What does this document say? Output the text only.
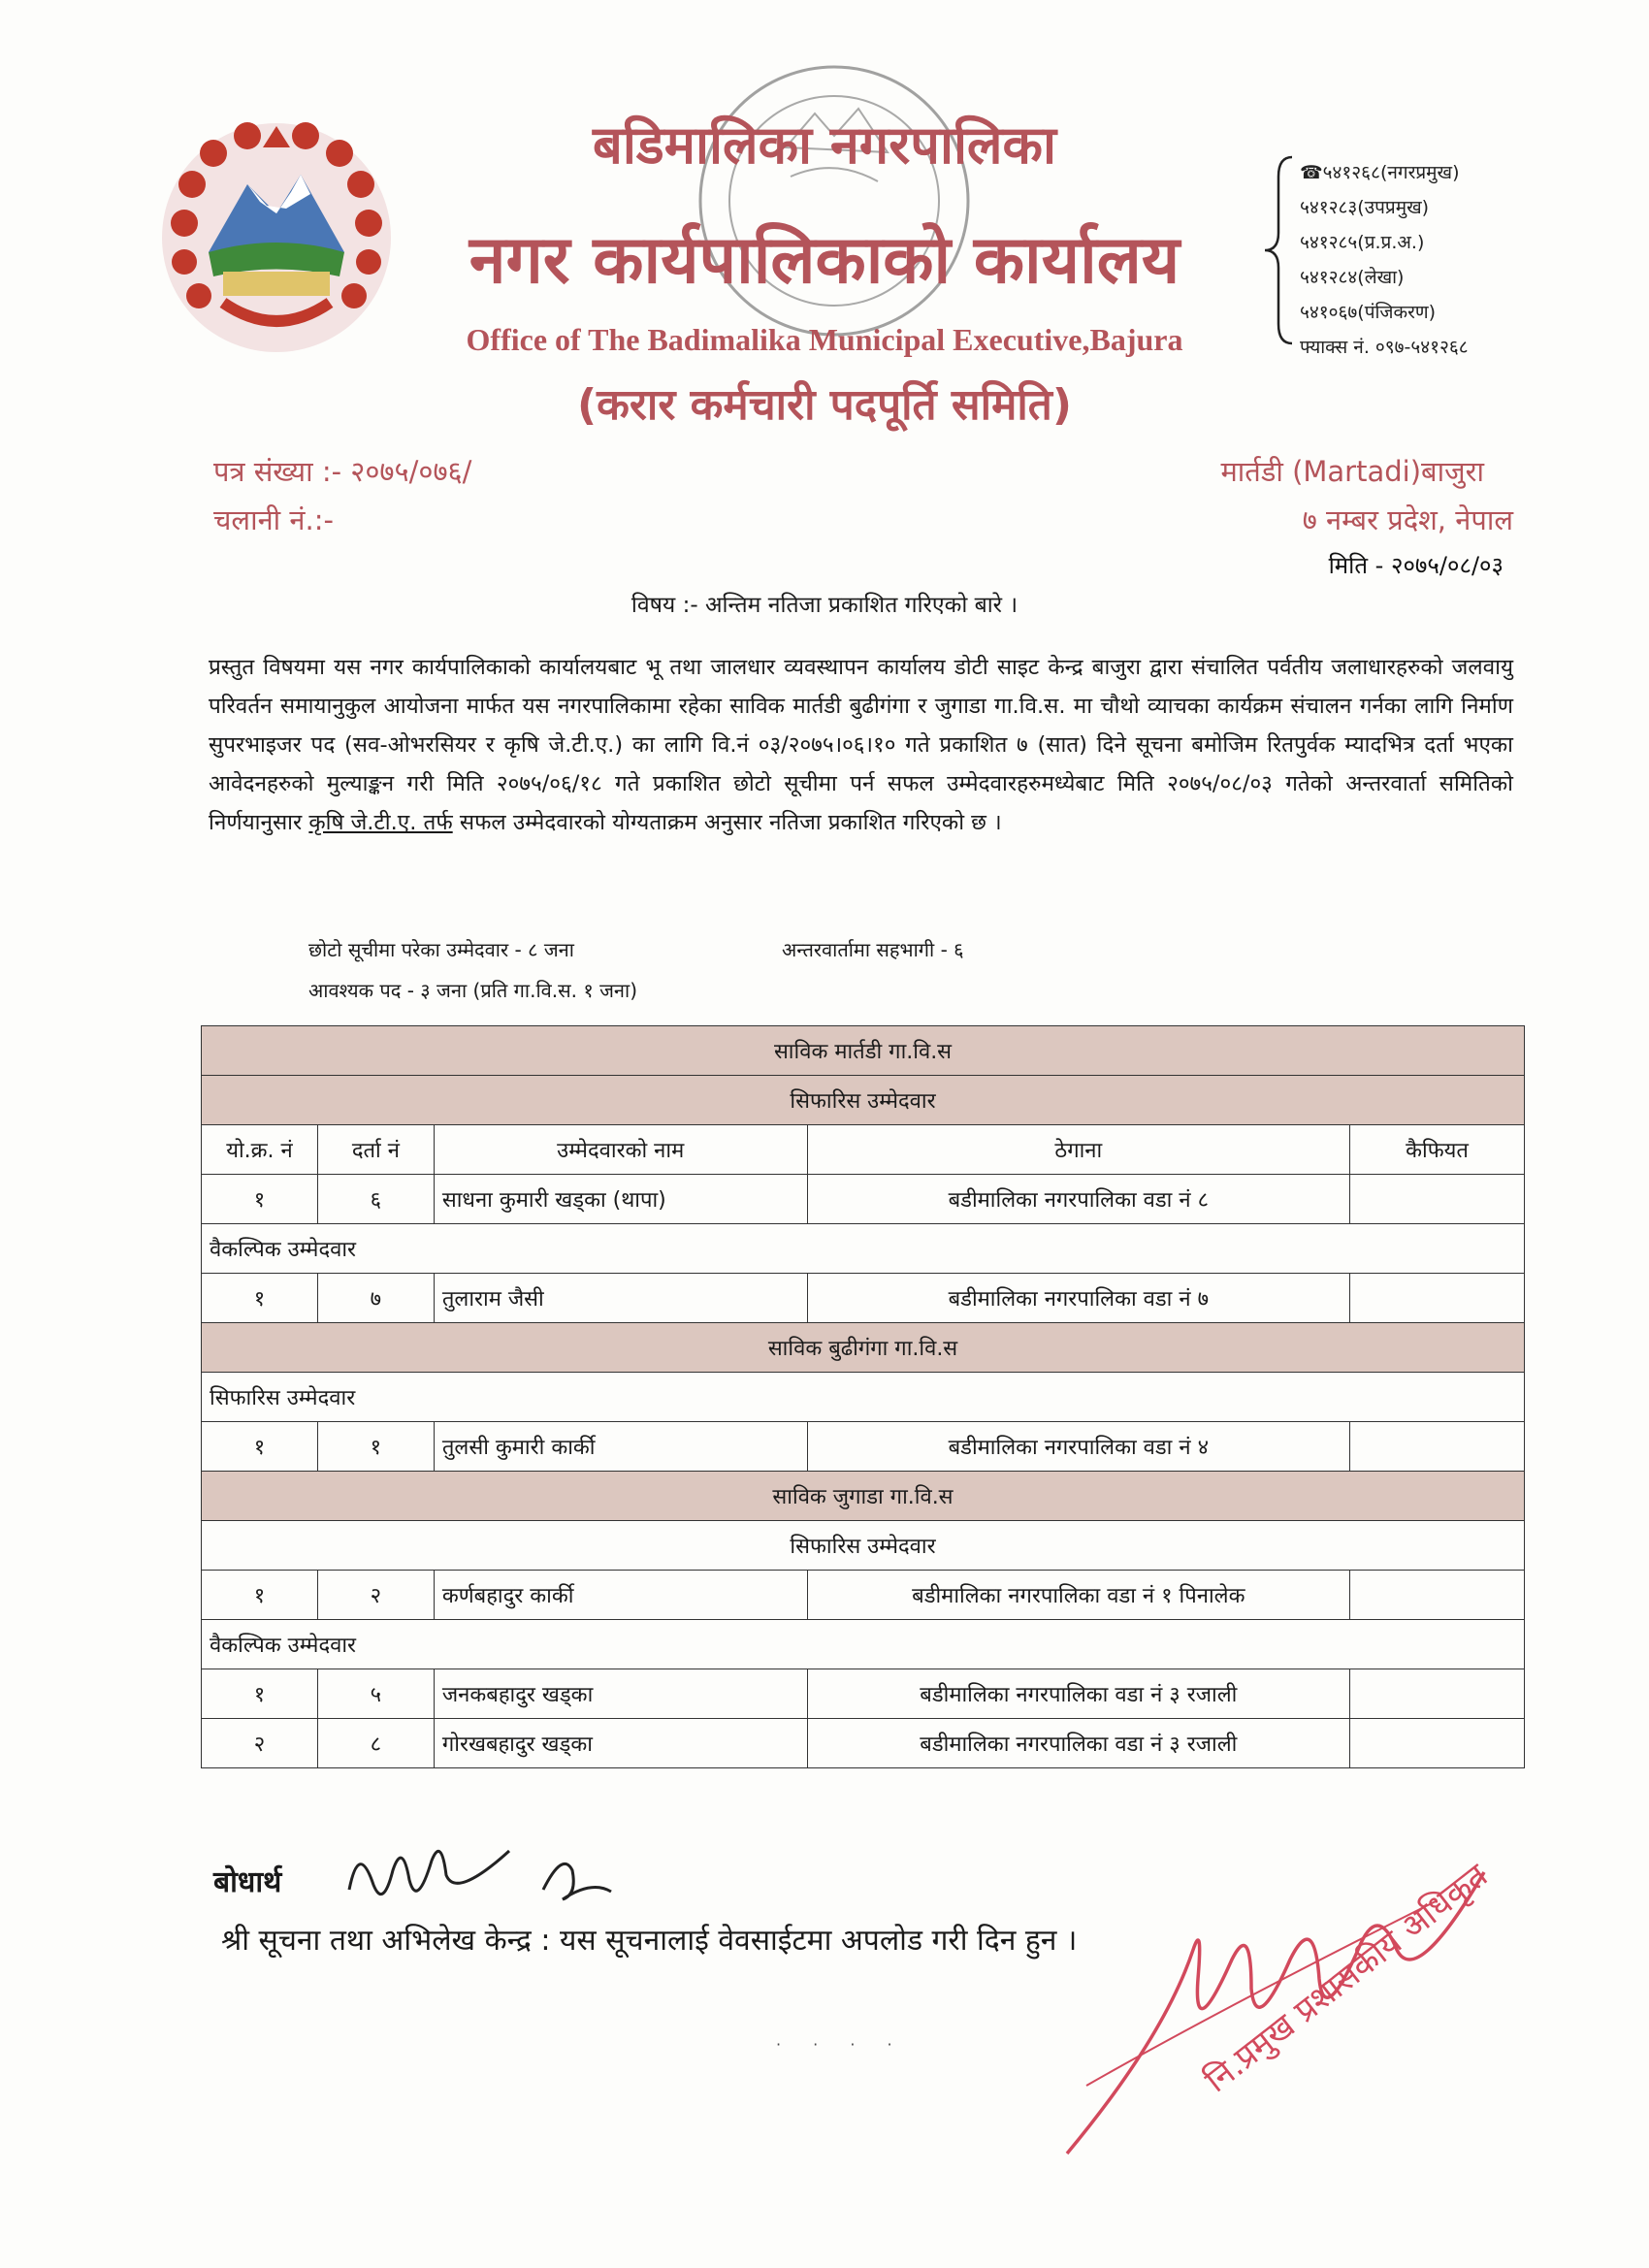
बडिमालिका नगरपालिका
नगर कार्यपालिकाको कार्यालय
Office of The Badimalika Municipal Executive,Bajura
(करार कर्मचारी पदपूर्ति समिति)
☎५४१२६८(नगरप्रमुख)
५४१२८३(उपप्रमुख)
५४१२८५(प्र.प्र.अ.)
५४१२८४(लेखा)
५४१०६७(पंजिकरण)
फ्याक्स नं. ०९७-५४१२६८
पत्र संख्या :- २०७५/०७६/
चलानी नं.:-
मार्तडी (Martadi)बाजुरा
७ नम्बर प्रदेश, नेपाल
मिति - २०७५/०८/०३
विषय :- अन्तिम नतिजा प्रकाशित गरिएको बारे ।
प्रस्तुत विषयमा यस नगर कार्यपालिकाको कार्यालयबाट भू तथा जालधार व्यवस्थापन कार्यालय डोटी साइट केन्द्र बाजुरा द्वारा संचालित पर्वतीय जलाधारहरुको जलवायु परिवर्तन समायानुकुल आयोजना मार्फत यस नगरपालिकामा रहेका साविक मार्तडी बुढीगंगा र जुगाडा गा.वि.स. मा चौथो व्याचका कार्यक्रम संचालन गर्नका लागि निर्माण सुपरभाइजर पद (सव-ओभरसियर र कृषि जे.टी.ए.) का लागि वि.नं ०३/२०७५।०६।१० गते प्रकाशित ७ (सात) दिने सूचना बमोजिम रितपुर्वक म्यादभित्र दर्ता भएका आवेदनहरुको मुल्याङ्कन गरी मिति २०७५/०६/१८ गते प्रकाशित छोटो सूचीमा पर्न सफल उम्मेदवारहरुमध्येबाट मिति २०७५/०८/०३ गतेको अन्तरवार्ता समितिको निर्णयानुसार कृषि जे.टी.ए. तर्फ सफल उम्मेदवारको योग्यताक्रम अनुसार नतिजा प्रकाशित गरिएको छ ।
छोटो सूचीमा परेका उम्मेदवार - ८ जना	अन्तरवार्तामा सहभागी - ६
आवश्यक पद - ३ जना (प्रति गा.वि.स. १ जना)
साविक मार्तडी गा.वि.स				
सिफारिस उम्मेदवार				
यो.क्र. नं	दर्ता नं	उम्मेदवारको नाम	ठेगाना	कैफियत
१	६	साधना कुमारी खड्का (थापा)	बडीमालिका नगरपालिका वडा नं ८	
वैकल्पिक उम्मेदवार				
१	७	तुलाराम जैसी	बडीमालिका नगरपालिका वडा नं ७	
साविक बुढीगंगा गा.वि.स				
सिफारिस उम्मेदवार				
१	१	तुलसी कुमारी कार्की	बडीमालिका नगरपालिका वडा नं ४	
साविक जुगाडा गा.वि.स				
सिफारिस उम्मेदवार				
१	२	कर्णबहादुर कार्की	बडीमालिका नगरपालिका वडा नं १ पिनालेक	
वैकल्पिक उम्मेदवार				
१	५	जनकबहादुर खड्का	बडीमालिका नगरपालिका वडा नं ३ रजाली	
२	८	गोरखबहादुर खड्का	बडीमालिका नगरपालिका वडा नं ३ रजाली	
बोधार्थ
श्री सूचना तथा अभिलेख केन्द्र : यस सूचनालाई वेवसाईटमा अपलोड गरी दिन हुन ।
· · · ·	नि.प्रमुख प्रशासकीय अधिकृत
